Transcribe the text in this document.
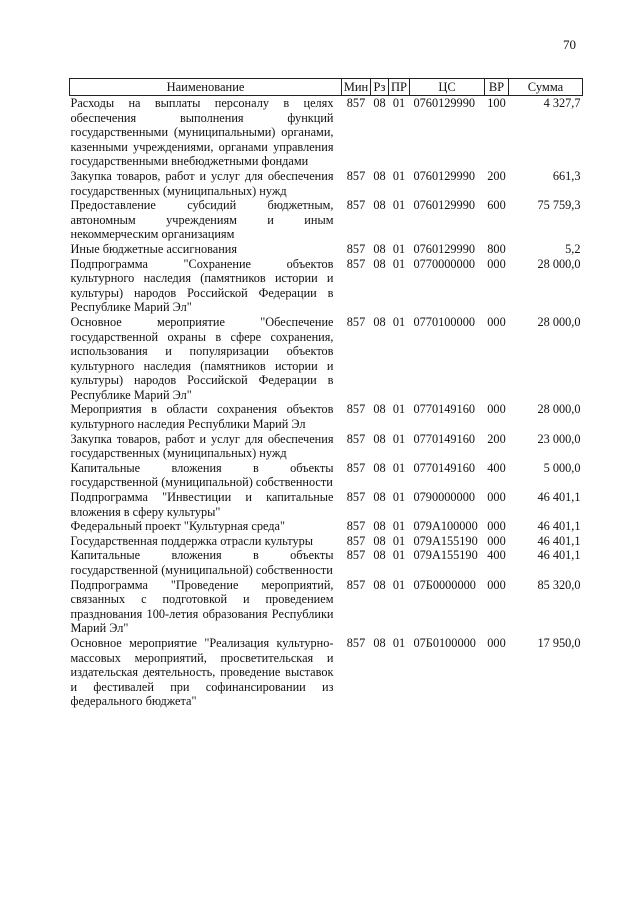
70
Наименование	Мин	Рз	ПР	ЦС	ВР	Сумма
Расходы на выплаты персоналу в целях обеспечения выполнения функций государственными (муниципальными) органами, казенными учреждениями, органами управления государственными внебюджетными фондами	857	08	01	0760129990	100	4 327,7
Закупка товаров, работ и услуг для обеспечения государственных (муниципальных) нужд	857	08	01	0760129990	200	661,3
Предоставление субсидий бюджетным, автономным учреждениям и иным некоммерческим организациям	857	08	01	0760129990	600	75 759,3
Иные бюджетные ассигнования	857	08	01	0760129990	800	5,2
Подпрограмма "Сохранение объектов культурного наследия (памятников истории и культуры) народов Российской Федерации в Республике Марий Эл"	857	08	01	0770000000	000	28 000,0
Основное мероприятие "Обеспечение государственной охраны в сфере сохранения, использования и популяризации объектов культурного наследия (памятников истории и культуры) народов Российской Федерации в Республике Марий Эл"	857	08	01	0770100000	000	28 000,0
Мероприятия в области сохранения объектов культурного наследия Республики Марий Эл	857	08	01	0770149160	000	28 000,0
Закупка товаров, работ и услуг для обеспечения государственных (муниципальных) нужд	857	08	01	0770149160	200	23 000,0
Капитальные вложения в объекты государственной (муниципальной) собственности	857	08	01	0770149160	400	5 000,0
Подпрограмма "Инвестиции и капитальные вложения в сферу культуры"	857	08	01	0790000000	000	46 401,1
Федеральный проект "Культурная среда"	857	08	01	079А100000	000	46 401,1
Государственная поддержка отрасли культуры	857	08	01	079А155190	000	46 401,1
Капитальные вложения в объекты государственной (муниципальной) собственности	857	08	01	079А155190	400	46 401,1
Подпрограмма "Проведение мероприятий, связанных с подготовкой и проведением празднования 100-летия образования Республики Марий Эл"	857	08	01	07Б0000000	000	85 320,0
Основное мероприятие "Реализация культурно-массовых мероприятий, просветительская и издательская деятельность, проведение выставок и фестивалей при софинансировании из федерального бюджета"	857	08	01	07Б0100000	000	17 950,0
